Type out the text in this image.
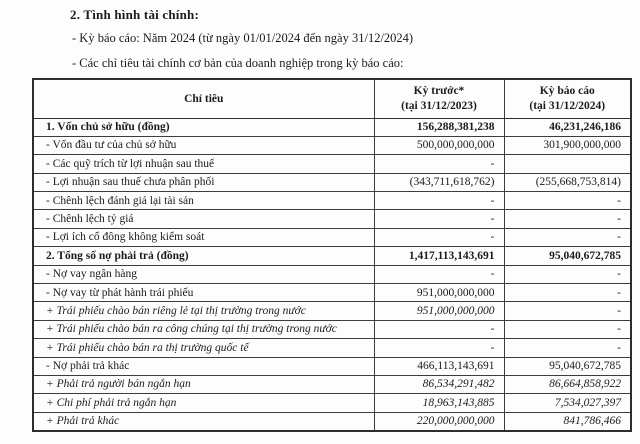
2. Tình hình tài chính:
- Kỳ báo cáo: Năm 2024 (từ ngày 01/01/2024 đến ngày 31/12/2024)
- Các chỉ tiêu tài chính cơ bản của doanh nghiệp trong kỳ báo cáo:
Chỉ tiêu

Kỳ trước*
(tại 31/12/2023)

Kỳ báo cáo
(tại 31/12/2024)

1. Vốn chủ sở hữu (đồng)	156,288,381,238	46,231,246,186
- Vốn đầu tư của chủ sở hữu	500,000,000,000	301,900,000,000
- Các quỹ trích từ lợi nhuận sau thuế	-	
- Lợi nhuận sau thuế chưa phân phối	(343,711,618,762)	(255,668,753,814)
- Chênh lệch đánh giá lại tài sản	-	-
- Chênh lệch tỷ giá	-	-
- Lợi ích cổ đông không kiểm soát	-	-
2. Tổng số nợ phải trả (đồng)	1,417,113,143,691	95,040,672,785
- Nợ vay ngân hàng	-	-
- Nợ vay từ phát hành trái phiếu	951,000,000,000	-
+ Trái phiếu chào bán riêng lẻ tại thị trường trong nước	951,000,000,000	-
+ Trái phiếu chào bán ra công chúng tại thị trường trong nước	-	-
+ Trái phiếu chào bán ra thị trường quốc tế	-	-
- Nợ phải trả khác	466,113,143,691	95,040,672,785
+ Phải trả người bán ngắn hạn	86,534,291,482	86,664,858,922
+ Chi phí phải trả ngắn hạn	18,963,143,885	7,534,027,397
+ Phải trả khác	220,000,000,000	841,786,466
